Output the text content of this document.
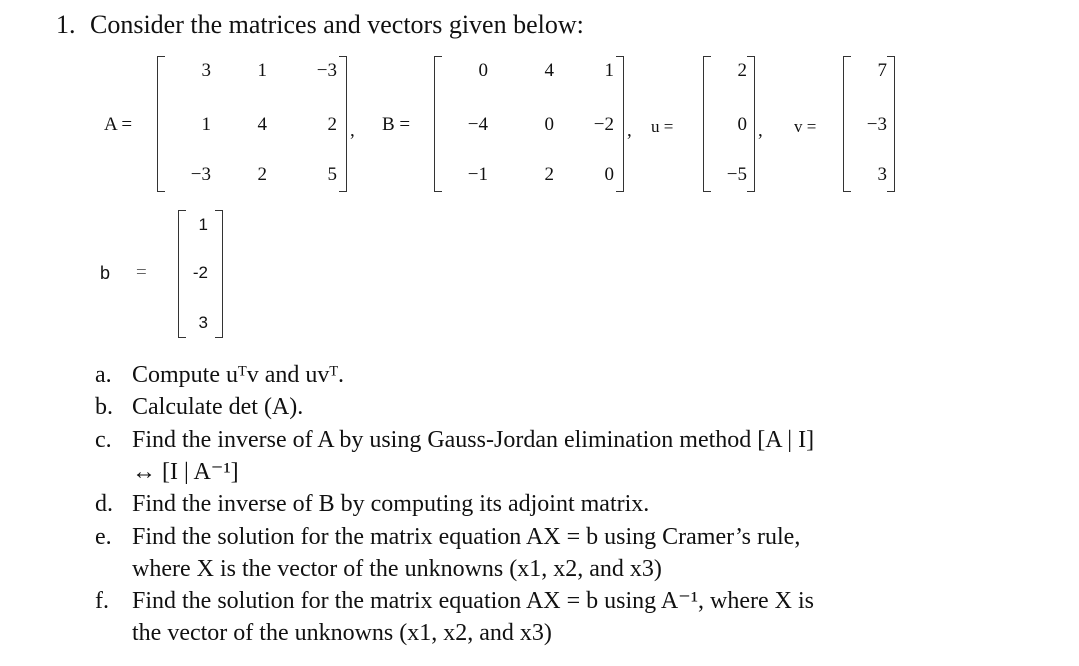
1. Consider the matrices and vectors given below:
A =
3	1	−3
1	4	2
−3	2	5
, B =
0	4	1
−4	0	−2
−1	2	0
, u =
2
0
−5
, v =
7
−3
3
b =
1
-2
3
a. Compute uᵀv and uvᵀ.
b. Calculate det (A).
c. Find the inverse of A by using Gauss-Jordan elimination method [A | I]
↔ [I | A⁻¹]
d. Find the inverse of B by computing its adjoint matrix.
e. Find the solution for the matrix equation AX = b using Cramer’s rule,
where X is the vector of the unknowns (x1, x2, and x3)
f. Find the solution for the matrix equation AX = b using A⁻¹, where X is
the vector of the unknowns (x1, x2, and x3)
